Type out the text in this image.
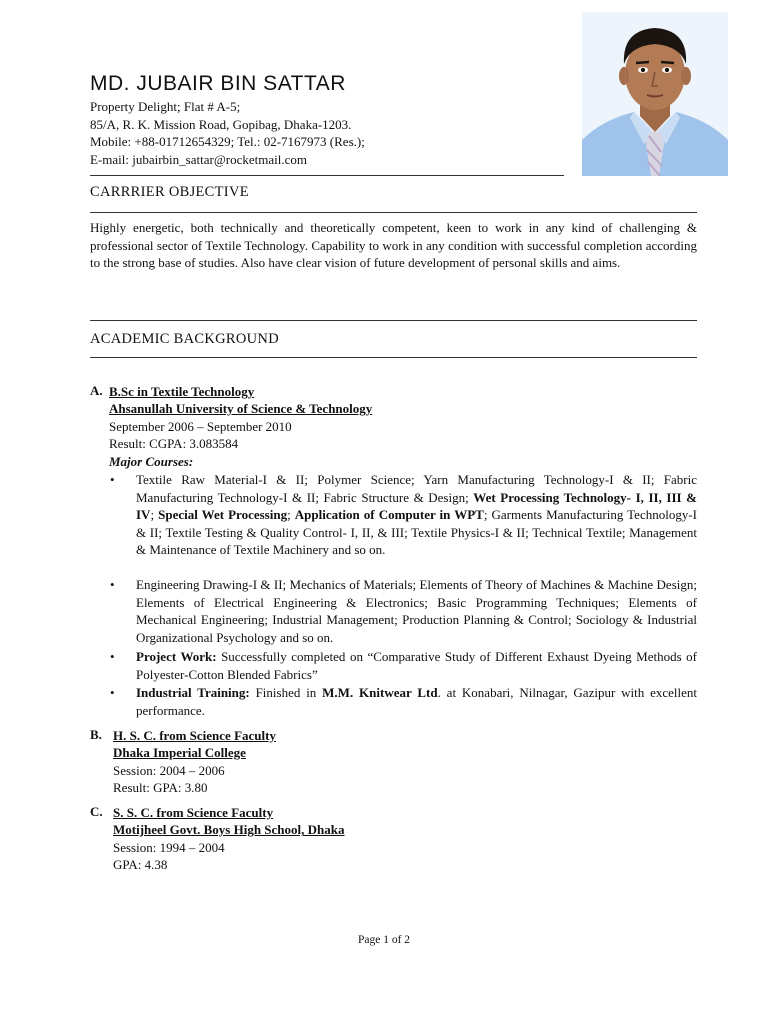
MD. JUBAIR BIN SATTAR
Property Delight; Flat # A-5;
85/A, R. K. Mission Road, Gopibag, Dhaka-1203.
Mobile: +88-01712654329; Tel.: 02-7167973 (Res.);
E-mail: jubairbin_sattar@rocketmail.com
CARRRIER OBJECTIVE
Highly energetic, both technically and theoretically competent, keen to work in any kind of challenging & professional sector of Textile Technology. Capability to work in any condition with successful completion according to the strong base of studies. Also have clear vision of future development of personal skills and aims.
ACADEMIC BACKGROUND
A. B.Sc in Textile Technology
Ahsanullah University of Science & Technology
September 2006 – September 2010
Result: CGPA: 3.083584
Major Courses:
•	Textile Raw Material-I & II; Polymer Science; Yarn Manufacturing Technology-I & II; Fabric Manufacturing Technology-I & II; Fabric Structure & Design; Wet Processing Technology- I, II, III & IV; Special Wet Processing; Application of Computer in WPT; Garments Manufacturing Technology-I & II; Textile Testing & Quality Control- I, II, & III; Textile Physics-I & II; Technical Textile; Management & Maintenance of Textile Machinery and so on.
•	Engineering Drawing-I & II; Mechanics of Materials; Elements of Theory of Machines & Machine Design; Elements of Electrical Engineering & Electronics; Basic Programming Techniques; Elements of Mechanical Engineering; Industrial Management; Production Planning & Control; Sociology & Industrial Organizational Psychology and so on.
•	Project Work: Successfully completed on “Comparative Study of Different Exhaust Dyeing Methods of Polyester-Cotton Blended Fabrics”
•	Industrial Training: Finished in M.M. Knitwear Ltd. at Konabari, Nilnagar, Gazipur with excellent performance.
B. H. S. C. from Science Faculty
Dhaka Imperial College
Session: 2004 – 2006
Result: GPA: 3.80
C. S. S. C. from Science Faculty
Motijheel Govt. Boys High School, Dhaka
Session: 1994 – 2004
GPA: 4.38
Page 1 of 2
